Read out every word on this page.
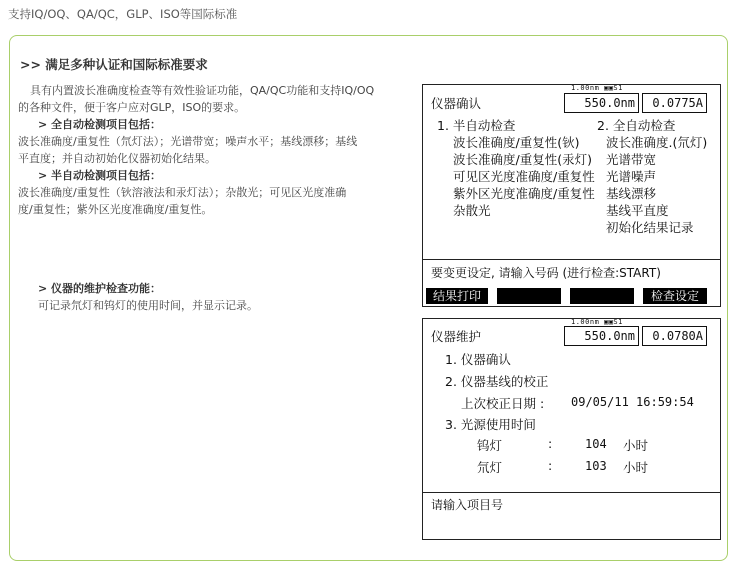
支持IQ/OQ、QA/QC，GLP、ISO等国际标准
>> 满足多种认证和国际标准要求
具有内置波长准确度检查等有效性验证功能，QA/QC功能和支持IQ/OQ
的各种文件，便于客户应对GLP，ISO的要求。
> 全自动检测项目包括：
波长准确度/重复性（氘灯法）；光谱带宽；噪声水平；基线漂移；基线
平直度；并自动初始化仪器初始化结果。
> 半自动检测项目包括：
波长准确度/重复性（钬溶液法和汞灯法）；杂散光；可见区光度准确
度/重复性；紫外区光度准确度/重复性。
> 仪器的维护检查功能：
可记录氘灯和钨灯的使用时间，并显示记录。
1.00nm ▣▣S1
仪器确认	550.0nm	0.0775A
1. 半自动检查
波长准确度/重复性(钬)
波长准确度/重复性(汞灯)
可见区光度准确度/重复性
紫外区光度准确度/重复性
杂散光
2. 全自动检查
波长准确度.(氘灯)
光谱带宽
光谱噪声
基线漂移
基线平直度
初始化结果记录
要变更设定, 请输入号码 (进行检查:START)
结果打印	检查设定
1.00nm ▣▣S1
仪器维护	550.0nm	0.0780A
1. 仪器确认
2. 仪器基线的校正
上次校正日期 : 09/05/11 16:59:54
3. 光源使用时间
钨灯	:	104 小时
氘灯	:	103 小时
请输入项目号
